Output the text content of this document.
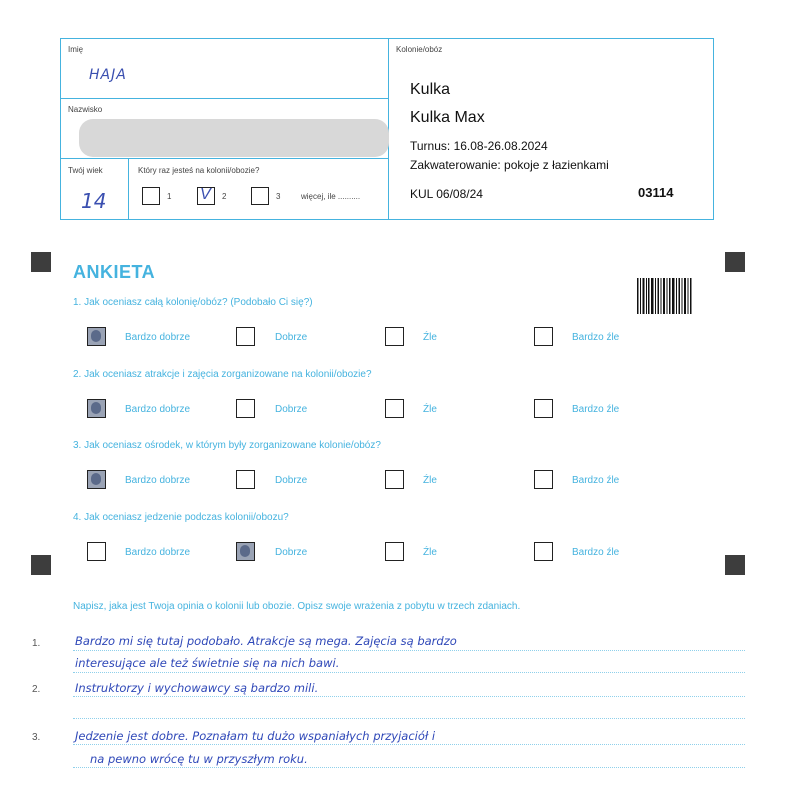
Imię
HAJA
Nazwisko
Twój wiek
14
Który raz jesteś na kolonii/obozie?
1 V 2	3	więcej, ile ..........
Kolonie/obóz
Kulka
Kulka Max
Turnus: 16.08-26.08.2024
Zakwaterowanie: pokoje z łazienkami
KUL 06/08/24	03114
ANKIETA
1. Jak oceniasz całą kolonię/obóz? (Podobało Ci się?)
Bardzo dobrze	Dobrze	Źle	Bardzo źle
2. Jak oceniasz atrakcje i zajęcia zorganizowane na kolonii/obozie?
Bardzo dobrze	Dobrze	Źle	Bardzo źle
3. Jak oceniasz ośrodek, w którym były zorganizowane kolonie/obóz?
Bardzo dobrze	Dobrze	Źle	Bardzo źle
4. Jak oceniasz jedzenie podczas kolonii/obozu?
Bardzo dobrze	Dobrze	Źle	Bardzo źle
Napisz, jaka jest Twoja opinia o kolonii lub obozie. Opisz swoje wrażenia z pobytu w trzech zdaniach.
1.
2.
3.
Bardzo mi się tutaj podobało. Atrakcje są mega. Zajęcia są bardzo
interesujące ale też świetnie się na nich bawi.
Instruktorzy i wychowawcy są bardzo mili.
Jedzenie jest dobre. Poznałam tu dużo wspaniałych przyjaciół i
na pewno wrócę tu w przyszłym roku.
